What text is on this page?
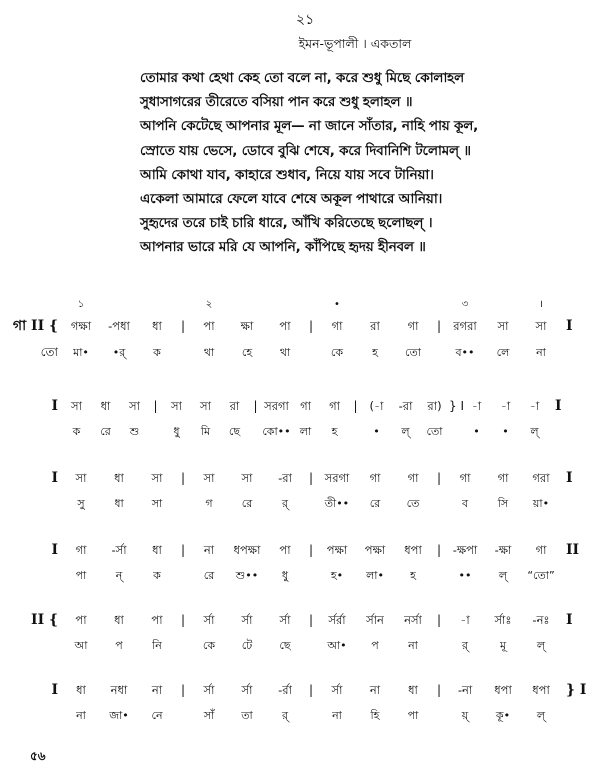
২১
ইমন-ভূপালী । একতাল
তোমার কথা হেথা কেহ তো বলে না, করে শুধু মিছে কোলাহল
সুধাসাগরের তীরেতে বসিয়া পান করে শুধু হলাহল ॥
আপনি কেটেছে আপনার মূল— না জানে সাঁতার, নাহি পায় কূল,
স্রোতে যায় ভেসে, ডোবে বুঝি শেষে, করে দিবানিশি টলোমল্ ॥
আমি কোথা যাব, কাহারে শুধাব, নিয়ে যায় সবে টানিয়া।
একেলা আমারে ফেলে যাবে শেষে অকূল পাথারে আনিয়া।
সুহৃদের তরে চাই চারি ধারে, আঁখি করিতেছে ছলোছল্ ।
আপনার ভারে মরি যে আপনি, কাঁপিছে হৃদয় হীনবল ॥
১	২	•	৩	।
গা II {	গক্ষা	-পধা	ধা	|	পা	ক্ষা	পা	|	গা	রা	গা	|	রগরা	সা	সা	I
তো	মা•	•র্	ক	থা	হে	থা	কে	হ	তো	ব••	লে	না
I	সা	ধা	সা	|	সা	সা	রা	| সরগা গা	গা	|	(-া	-রা	রা) } I -া	-া	-া	I
ক	রে	শু	ধু	মি	ছে	কো•• লা	হ	•	ল্	তো	•	•	ল্
I	সা	ধা	সা	|	সা	সা	-রা	|	সরগা	গা	গা	|	গা	গা	গরা	I
সু	ধা	সা	গ	রে	র্	তী••	রে	তে	ব	সি	য়া•
I	গা	-র্সা	ধা	|	না	ধপক্ষা	পা	|	পক্ষা	পক্ষা	ধপা	|	-ক্ষপা	-ক্ষা	গা	II
পা	ন্	ক	রে	শু••	ধু	হ•	লা•	হ	••	ল্	“তো”
II {	পা	ধা	পা	|	র্সা	র্সা	র্সা	|	র্সর্রা	র্সান	নর্সা	|	-া	র্সাঃ	-নঃ	I
আ	প	নি	কে	টে	ছে	আ•	প	না	র্	মূ	ল্
I	ধা	নধা	না	|	র্সা	র্সা	-র্রা	|	র্সা	না	ধা	|	-না	ধপা	ধপা	} I
না	জা•	নে	সাঁ	তা	র্	না	হি	পা	য়্	কূ•	ল্
৫৬
